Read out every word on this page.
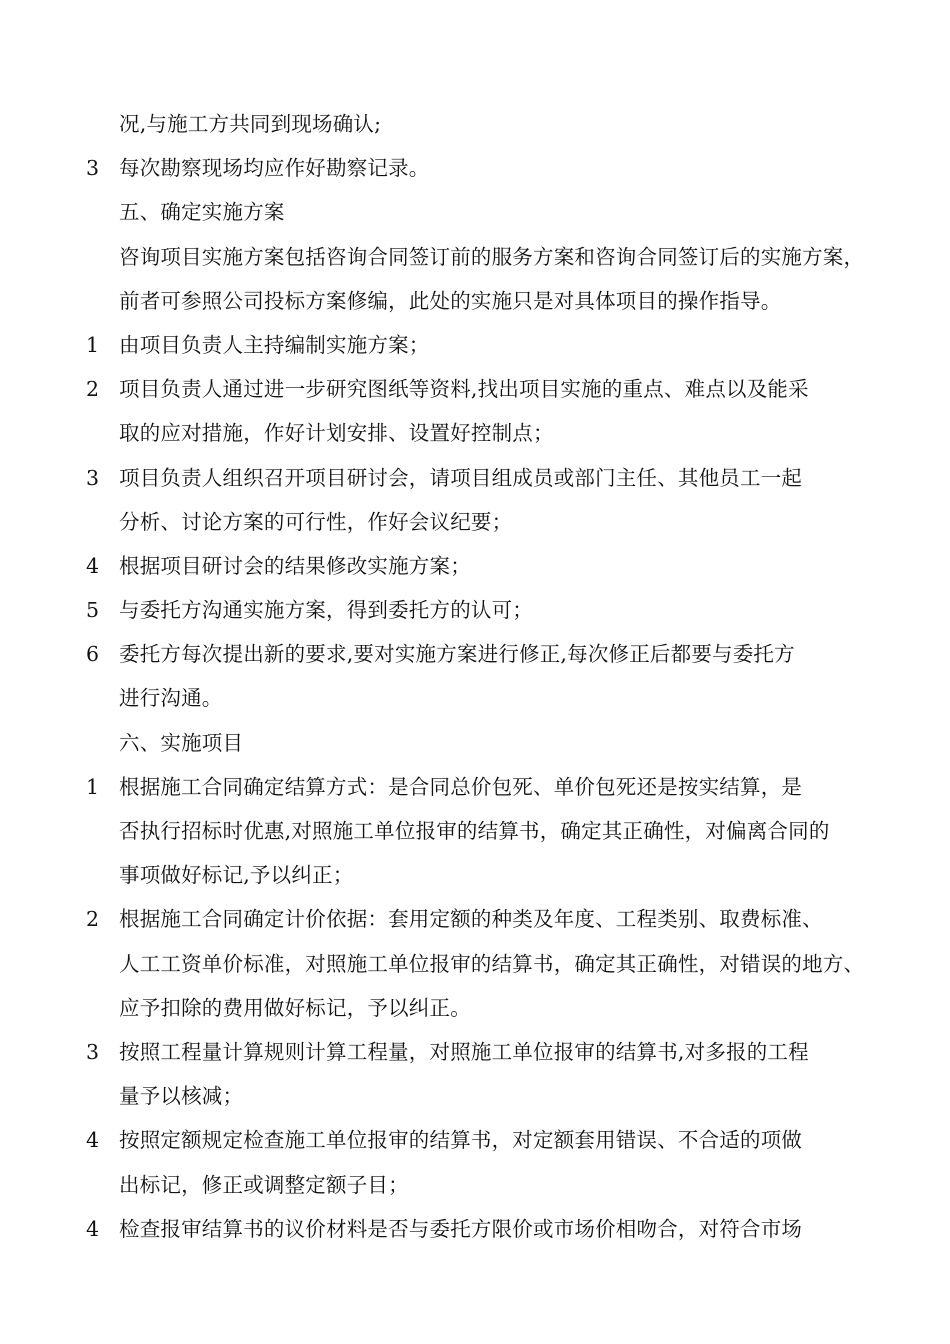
况,与施工方共同到现场确认;
3 每次勘察现场均应作好勘察记录。
五、确定实施方案
咨询项目实施方案包括咨询合同签订前的服务方案和咨询合同签订后的实施方案，
前者可参照公司投标方案修编，此处的实施只是对具体项目的操作指导。
1 由项目负责人主持编制实施方案；
2 项目负责人通过进一步研究图纸等资料,找出项目实施的重点、难点以及能采
取的应对措施，作好计划安排、设置好控制点；
3 项目负责人组织召开项目研讨会，请项目组成员或部门主任、其他员工一起
分析、讨论方案的可行性，作好会议纪要；
4 根据项目研讨会的结果修改实施方案；
5 与委托方沟通实施方案，得到委托方的认可；
6 委托方每次提出新的要求,要对实施方案进行修正,每次修正后都要与委托方
进行沟通。
六、实施项目
1 根据施工合同确定结算方式：是合同总价包死、单价包死还是按实结算，是
否执行招标时优惠,对照施工单位报审的结算书，确定其正确性，对偏离合同的
事项做好标记,予以纠正；
2 根据施工合同确定计价依据：套用定额的种类及年度、工程类别、取费标准、
人工工资单价标准，对照施工单位报审的结算书，确定其正确性，对错误的地方、
应予扣除的费用做好标记，予以纠正。
3 按照工程量计算规则计算工程量，对照施工单位报审的结算书,对多报的工程
量予以核减；
4 按照定额规定检查施工单位报审的结算书，对定额套用错误、不合适的项做
出标记，修正或调整定额子目；
4 检查报审结算书的议价材料是否与委托方限价或市场价相吻合，对符合市场
